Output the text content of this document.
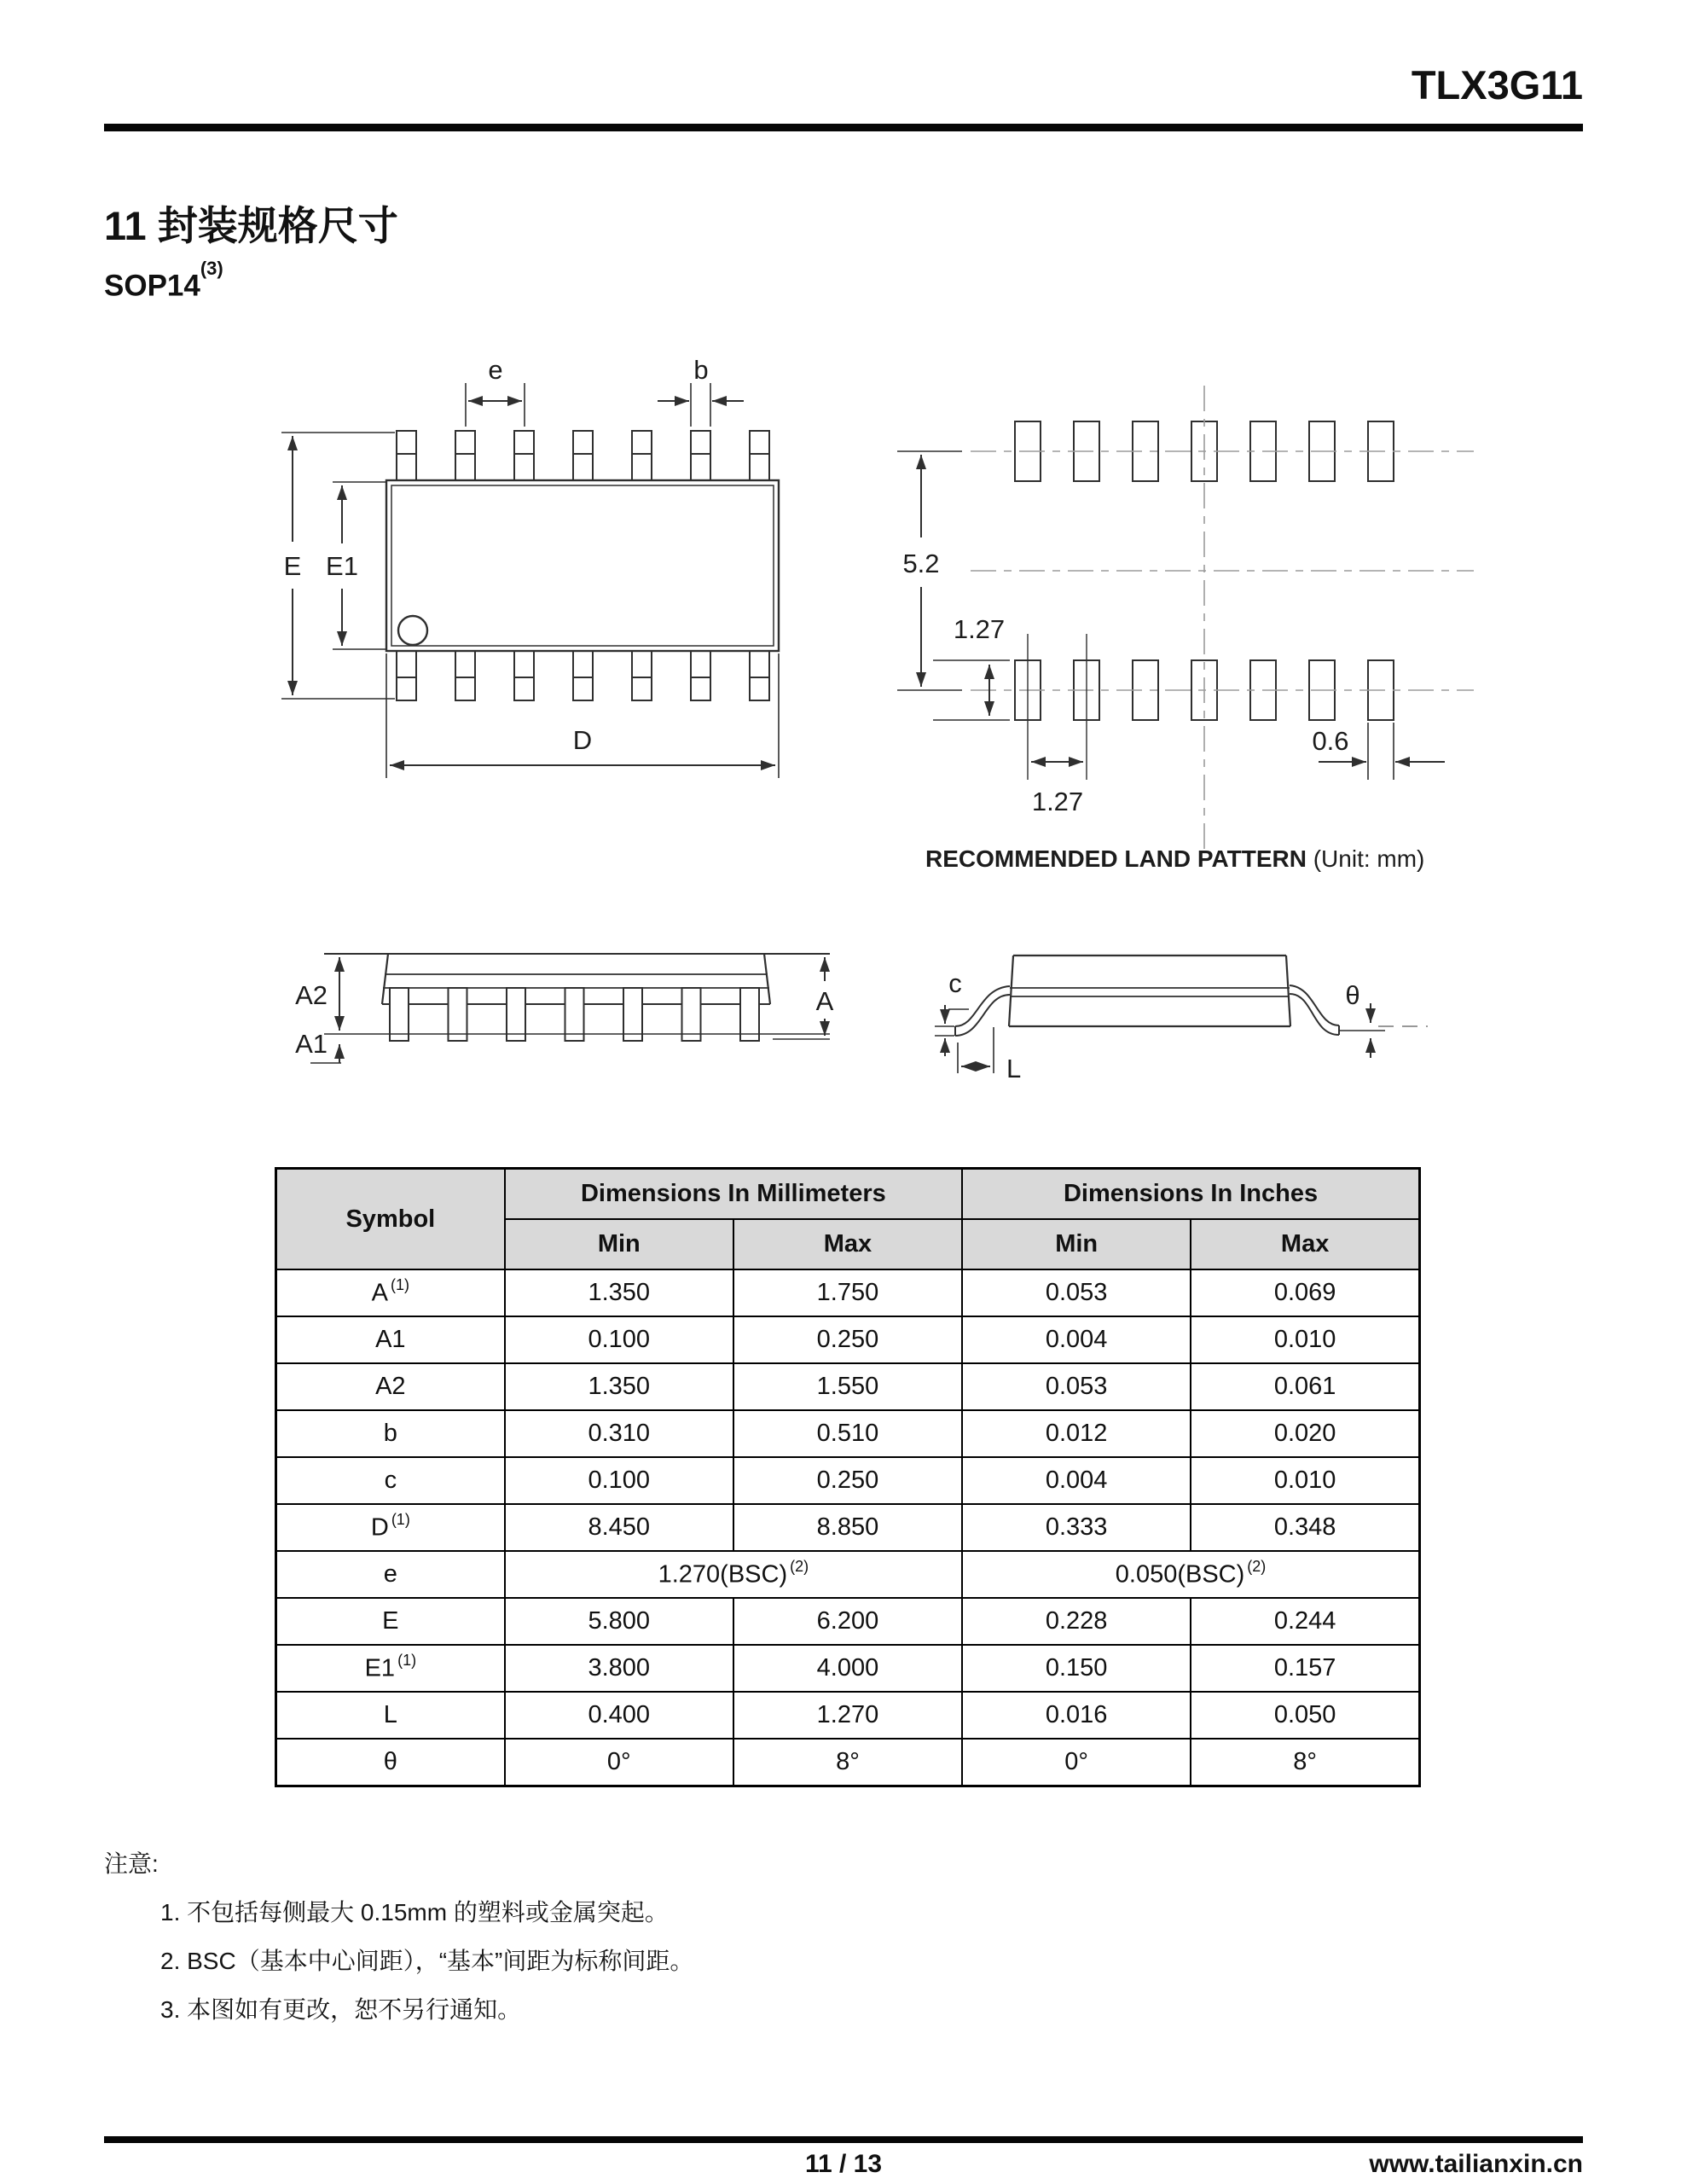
TLX3G11
11 封装规格尺寸
SOP14$^{(3)}$
e	b
E E1
D
5.2
1.27
1.27
0.6
RECOMMENDED LAND PATTERN (Unit: mm)
A2
A1
A
c
L
θ
Symbol	Dimensions In Millimeters		Dimensions In Inches	
	Min	Max	Min	Max
A $^{(1)}$	1.350	1.750	0.053	0.069
A1	0.100	0.250	0.004	0.010
A2	1.350	1.550	0.053	0.061
b	0.310	0.510	0.012	0.020
c	0.100	0.250	0.004	0.010
D $^{(1)}$	8.450	8.850	0.333	0.348
e	1.270(BSC) $^{(2)}$		0.050(BSC) $^{(2)}$
E	5.800	6.200	0.228	0.244
E1 $^{(1)}$	3.800	4.000	0.150	0.157
L	0.400	1.270	0.016	0.050
θ	0°	8°	0°	8°
注意:
1. 不包括每侧最大 0.15mm 的塑料或金属突起。
2. BSC（基本中心间距），“基本”间距为标称间距。
3. 本图如有更改，恕不另行通知。
11 / 13	www.tailianxin.cn
